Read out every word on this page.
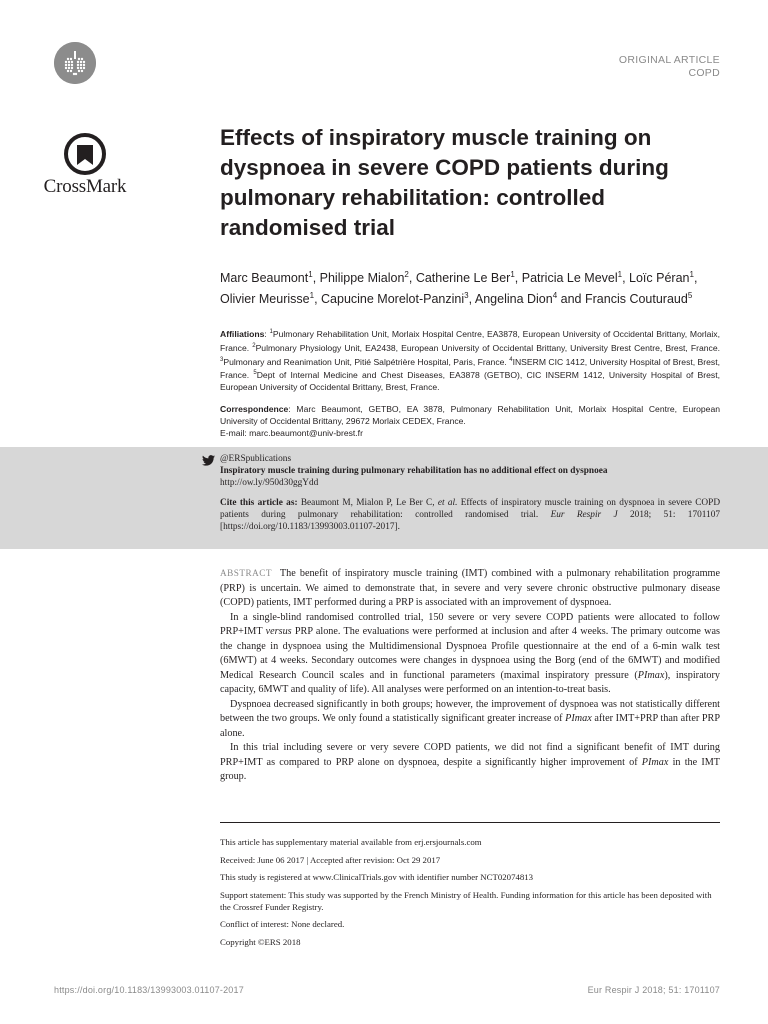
CrossMark
ORIGINAL ARTICLE
COPD
Effects of inspiratory muscle training on dyspnoea in severe COPD patients during pulmonary rehabilitation: controlled randomised trial
Marc Beaumont$^1$, Philippe Mialon$^2$, Catherine Le Ber$^1$, Patricia Le Mevel$^1$, Loïc Péran$^1$, Olivier Meurisse$^1$, Capucine Morelot-Panzini$^3$, Angelina Dion$^4$ and Francis Couturaud$^5$
Affiliations: $^1$Pulmonary Rehabilitation Unit, Morlaix Hospital Centre, EA3878, European University of Occidental Brittany, Morlaix, France. $^2$Pulmonary Physiology Unit, EA2438, European University of Occidental Brittany, University Brest Centre, Brest, France. $^3$Pulmonary and Reanimation Unit, Pitié Salpétrière Hospital, Paris, France. $^4$INSERM CIC 1412, University Hospital of Brest, Brest, France. $^5$Dept of Internal Medicine and Chest Diseases, EA3878 (GETBO), CIC INSERM 1412, University Hospital of Brest, European University of Occidental Brittany, Brest, France.
Correspondence: Marc Beaumont, GETBO, EA 3878, Pulmonary Rehabilitation Unit, Morlaix Hospital Centre, European University of Occidental Brittany, 29672 Morlaix CEDEX, France.
E-mail: marc.beaumont@univ-brest.fr
@ERSpublications
Inspiratory muscle training during pulmonary rehabilitation has no additional effect on dyspnoea
http://ow.ly/950d30ggYdd
Cite this article as: Beaumont M, Mialon P, Le Ber C, et al. Effects of inspiratory muscle training on dyspnoea in severe COPD patients during pulmonary rehabilitation: controlled randomised trial. Eur Respir J 2018; 51: 1701107 [https://doi.org/10.1183/13993003.01107-2017].

ABSTRACT The benefit of inspiratory muscle training (IMT) combined with a pulmonary rehabilitation programme (PRP) is uncertain. We aimed to demonstrate that, in severe and very severe chronic obstructive pulmonary disease (COPD) patients, IMT performed during a PRP is associated with an improvement of dyspnoea.

In a single-blind randomised controlled trial, 150 severe or very severe COPD patients were allocated to follow PRP+IMT versus PRP alone. The evaluations were performed at inclusion and after 4 weeks. The primary outcome was the change in dyspnoea using the Multidimensional Dyspnoea Profile questionnaire at the end of a 6-min walk test (6MWT) at 4 weeks. Secondary outcomes were changes in dyspnoea using the Borg (end of the 6MWT) and modified Medical Research Council scales and in functional parameters (maximal inspiratory pressure (PImax), inspiratory capacity, 6MWT and quality of life). All analyses were performed on an intention-to-treat basis.

Dyspnoea decreased significantly in both groups; however, the improvement of dyspnoea was not statistically different between the two groups. We only found a statistically significant greater increase of PImax after IMT+PRP than after PRP alone.

In this trial including severe or very severe COPD patients, we did not find a significant benefit of IMT during PRP+IMT as compared to PRP alone on dyspnoea, despite a significantly higher improvement of PImax in the IMT group.

This article has supplementary material available from erj.ersjournals.com

Received: June 06 2017 | Accepted after revision: Oct 29 2017

This study is registered at www.ClinicalTrials.gov with identifier number NCT02074813

Support statement: This study was supported by the French Ministry of Health. Funding information for this article has been deposited with the Crossref Funder Registry.

Conflict of interest: None declared.

Copyright ©ERS 2018

https://doi.org/10.1183/13993003.01107-2017	Eur Respir J 2018; 51: 1701107
